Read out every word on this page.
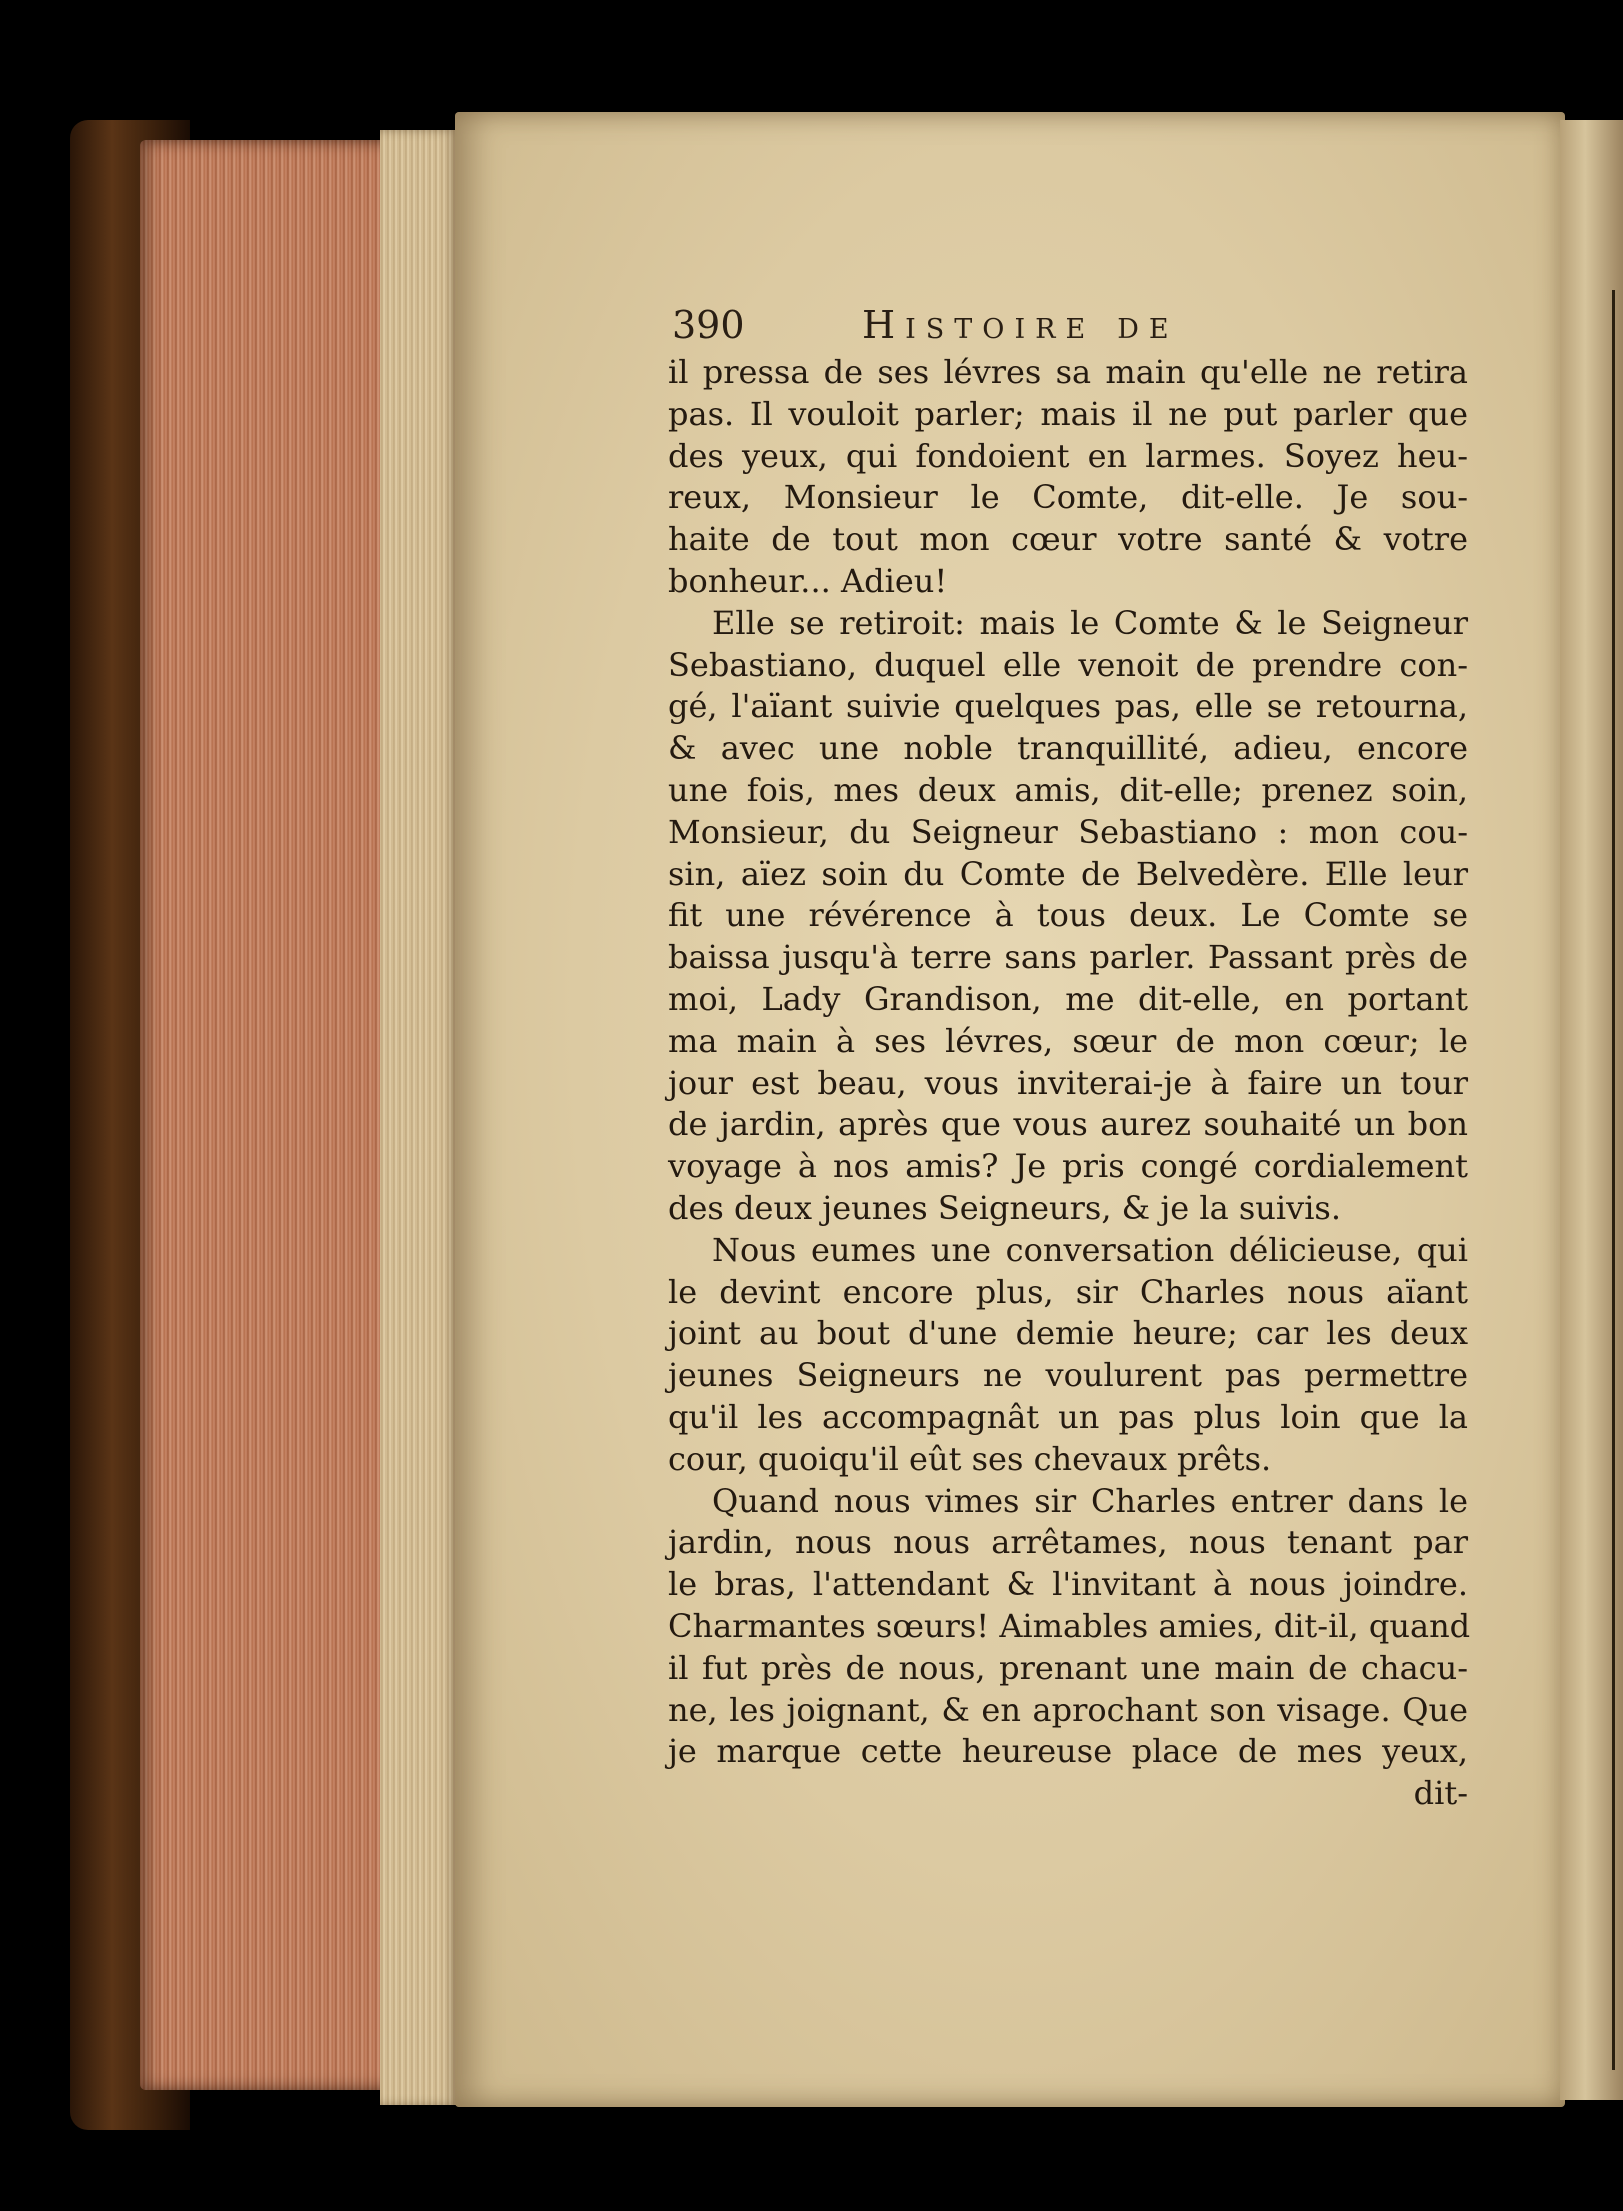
390	Histoire de
il pressa de ses lévres sa main qu'elle ne retira
pas. Il vouloit parler; mais il ne put parler que
des yeux, qui fondoient en larmes. Soyez heu-
reux, Monsieur le Comte, dit-elle. Je sou-
haite de tout mon cœur votre santé & votre
bonheur... Adieu!
Elle se retiroit: mais le Comte & le Seigneur
Sebastiano, duquel elle venoit de prendre con-
gé, l'aïant suivie quelques pas, elle se retourna,
& avec une noble tranquillité, adieu, encore
une fois, mes deux amis, dit-elle; prenez soin,
Monsieur, du Seigneur Sebastiano : mon cou-
sin, aïez soin du Comte de Belvedère. Elle leur
fit une révérence à tous deux. Le Comte se
baissa jusqu'à terre sans parler. Passant près de
moi, Lady Grandison, me dit-elle, en portant
ma main à ses lévres, sœur de mon cœur; le
jour est beau, vous inviterai-je à faire un tour
de jardin, après que vous aurez souhaité un bon
voyage à nos amis? Je pris congé cordialement
des deux jeunes Seigneurs, & je la suivis.
Nous eumes une conversation délicieuse, qui
le devint encore plus, sir Charles nous aïant
joint au bout d'une demie heure; car les deux
jeunes Seigneurs ne voulurent pas permettre
qu'il les accompagnât un pas plus loin que la
cour, quoiqu'il eût ses chevaux prêts.
Quand nous vimes sir Charles entrer dans le
jardin, nous nous arrêtames, nous tenant par
le bras, l'attendant & l'invitant à nous joindre.
Charmantes sœurs! Aimables amies, dit-il, quand
il fut près de nous, prenant une main de chacu-
ne, les joignant, & en aprochant son visage. Que
je marque cette heureuse place de mes yeux,
dit-
